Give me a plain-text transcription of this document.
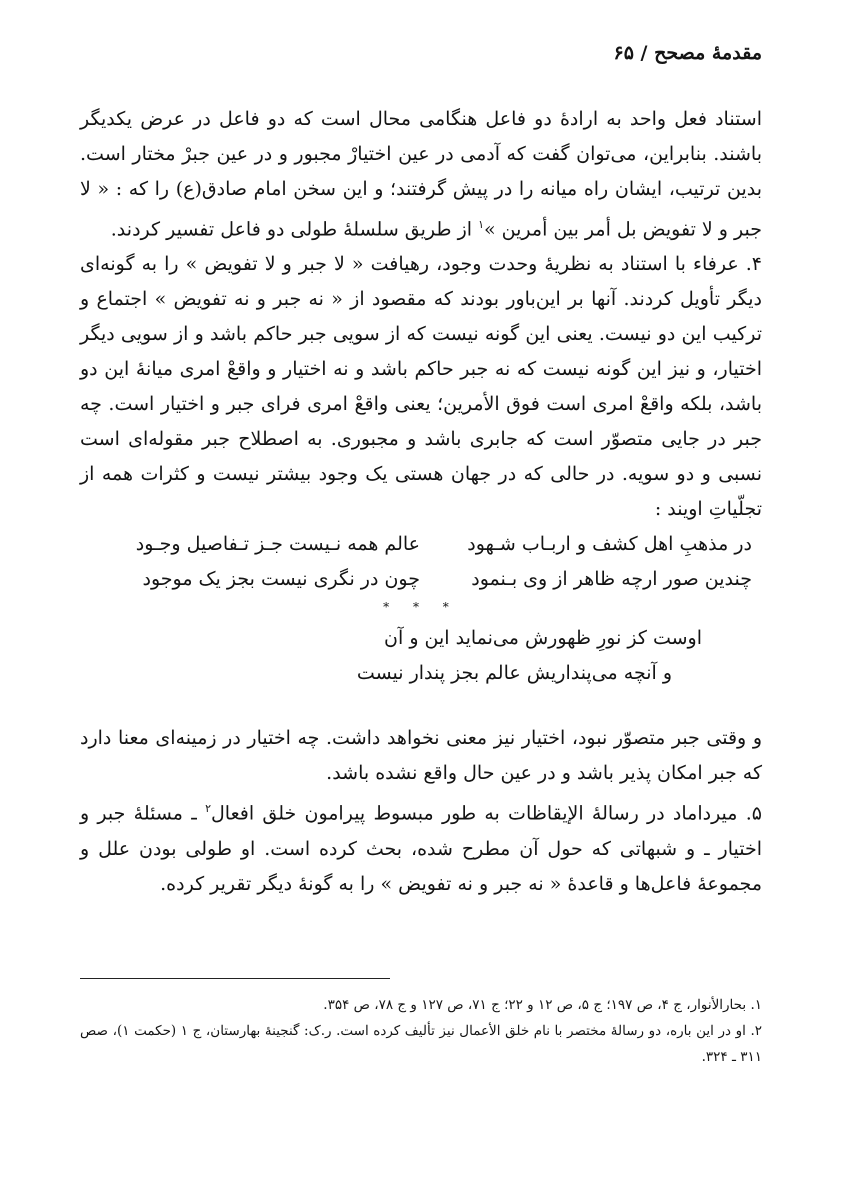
مقدمهٔ مصحح / ۶۵

استناد فعل واحد به ارادهٔ دو فاعل هنگامی محال است که دو فاعل در عرض یکدیگر باشند. بنابراین، می‌توان گفت که آدمی در عین اختیارْ مجبور و در عین جبرْ مختار است. بدین ترتیب، ایشان راه میانه را در پیش گرفتند؛ و این سخن امام صادق(ع) را که : « لا جبر و لا تفویض بل أمر بین أمرین »$^۱$ از طریق سلسلهٔ طولی دو فاعل تفسیر کردند.

۴. عرفاء با استناد به نظریهٔ وحدت وجود، رهیافت « لا جبر و لا تفویض » را به گونه‌ای دیگر تأویل کردند. آنها بر این‌باور بودند که مقصود از « نه جبر و نه تفویض » اجتماع و ترکیب این دو نیست. یعنی این گونه نیست که از سویی جبر حاکم باشد و از سویی دیگر اختیار، و نیز این گونه نیست که نه جبر حاکم باشد و نه اختیار و واقعْ امری میانهٔ این دو باشد، بلکه واقعْ امری است فوق الأمرین؛ یعنی واقعْ امری فرای جبر و اختیار است. چه جبر در جایی متصوّر است که جابری باشد و مجبوری. به اصطلاح جبر مقوله‌ای است نسبی و دو سویه. در حالی که در جهان هستی یک وجود بیشتر نیست و کثرات همه از تجلّیاتِ اویند :

در مذهبِ اهل کشف و اربـاب شـهود
عالم همه نـیست جـز تـفاصیل وجـود
چندین صور ارچه ظاهر از وی بـنمود
چون در نگری نیست بجز یک موجود
* * *
اوست کز نورِ ظهورش می‌نماید این و آن
و آنچه می‌پنداریش عالم بجز پندار نیست

و وقتی جبر متصوّر نبود، اختیار نیز معنی نخواهد داشت. چه اختیار در زمینه‌ای معنا دارد که جبر امکان پذیر باشد و در عین حال واقع نشده باشد.

۵. میرداماد در رسالهٔ الإیقاظات به طور مبسوط پیرامون خلق افعال$^۲$ ـ مسئلهٔ جبر و اختیار ـ و شبهاتی که حول آن مطرح شده، بحث کرده است. او طولی بودن علل و مجموعهٔ فاعل‌ها و قاعدهٔ « نه جبر و نه تفویض » را به گونهٔ دیگر تقریر کرده.

۱. بحارالأنوار، ج ۴، ص ۱۹۷؛ ج ۵، ص ۱۲ و ۲۲؛ ج ۷۱، ص ۱۲۷ و ج ۷۸، ص ۳۵۴.

۲. او در این باره، دو رسالهٔ مختصر با نام خلق الأعمال نیز تألیف کرده است. ر.ک: گنجینهٔ بهارستان، ج ۱ (حکمت ۱)، صص ۳۱۱ ـ ۳۲۴.
